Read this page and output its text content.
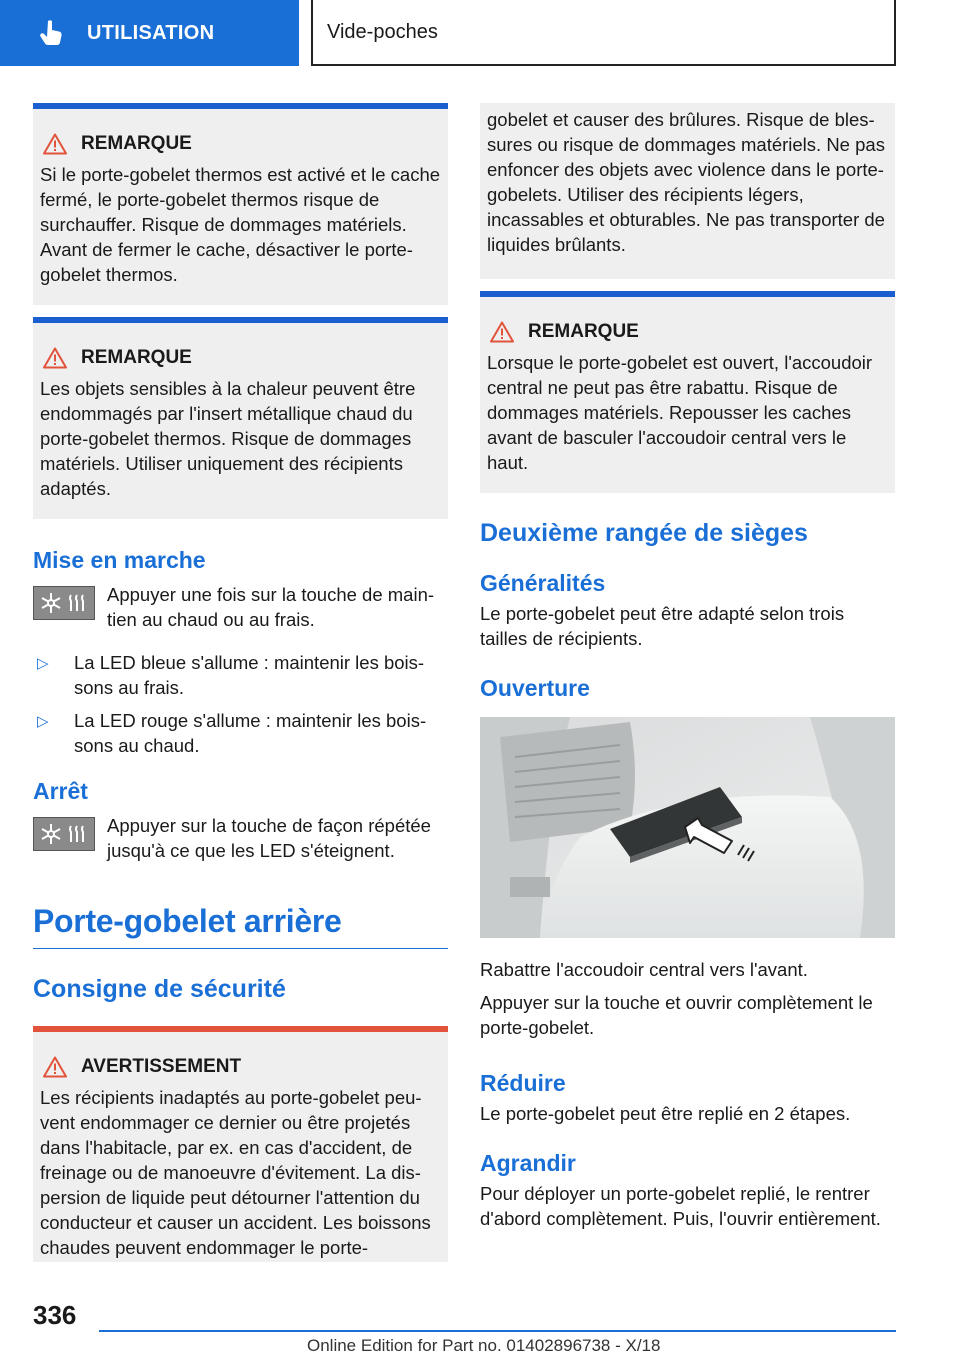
UTILISATION	Vide-poches
REMARQUE
Si le porte-gobelet thermos est activé et le cache fermé, le porte-gobelet thermos risque de surchauffer. Risque de dommages matériels. Avant de fermer le cache, désactiver le porte-gobelet thermos.
REMARQUE
Les objets sensibles à la chaleur peuvent être endommagés par l'insert métallique chaud du porte-gobelet thermos. Risque de dommages matériels. Utiliser uniquement des récipients adaptés.
Mise en marche
Appuyer une fois sur la touche de maintien au chaud ou au frais.
▷	La LED bleue s'allume : maintenir les boissons au frais.
▷	La LED rouge s'allume : maintenir les boissons au chaud.
Arrêt
Appuyer sur la touche de façon répétée jusqu'à ce que les LED s'éteignent.
Porte-gobelet arrière
Consigne de sécurité
AVERTISSEMENT
Les récipients inadaptés au porte-gobelet peuvent endommager ce dernier ou être projetés dans l'habitacle, par ex. en cas d'accident, de freinage ou de manoeuvre d'évitement. La dispersion de liquide peut détourner l'attention du conducteur et causer un accident. Les boissons chaudes peuvent endommager le porte-
gobelet et causer des brûlures. Risque de blessures ou risque de dommages matériels. Ne pas enfoncer des objets avec violence dans le porte-gobelets. Utiliser des récipients légers, incassables et obturables. Ne pas transporter de liquides brûlants.
REMARQUE
Lorsque le porte-gobelet est ouvert, l'accoudoir central ne peut pas être rabattu. Risque de dommages matériels. Repousser les caches avant de basculer l'accoudoir central vers le haut.
Deuxième rangée de sièges
Généralités

Le porte-gobelet peut être adapté selon trois tailles de récipients.

Ouverture

Rabattre l'accoudoir central vers l'avant.

Appuyer sur la touche et ouvrir complètement le porte-gobelet.

Réduire

Le porte-gobelet peut être replié en 2 étapes.

Agrandir

Pour déployer un porte-gobelet replié, le rentrer d'abord complètement. Puis, l'ouvrir entièrement.

336
Online Edition for Part no. 01402896738 - X/18
